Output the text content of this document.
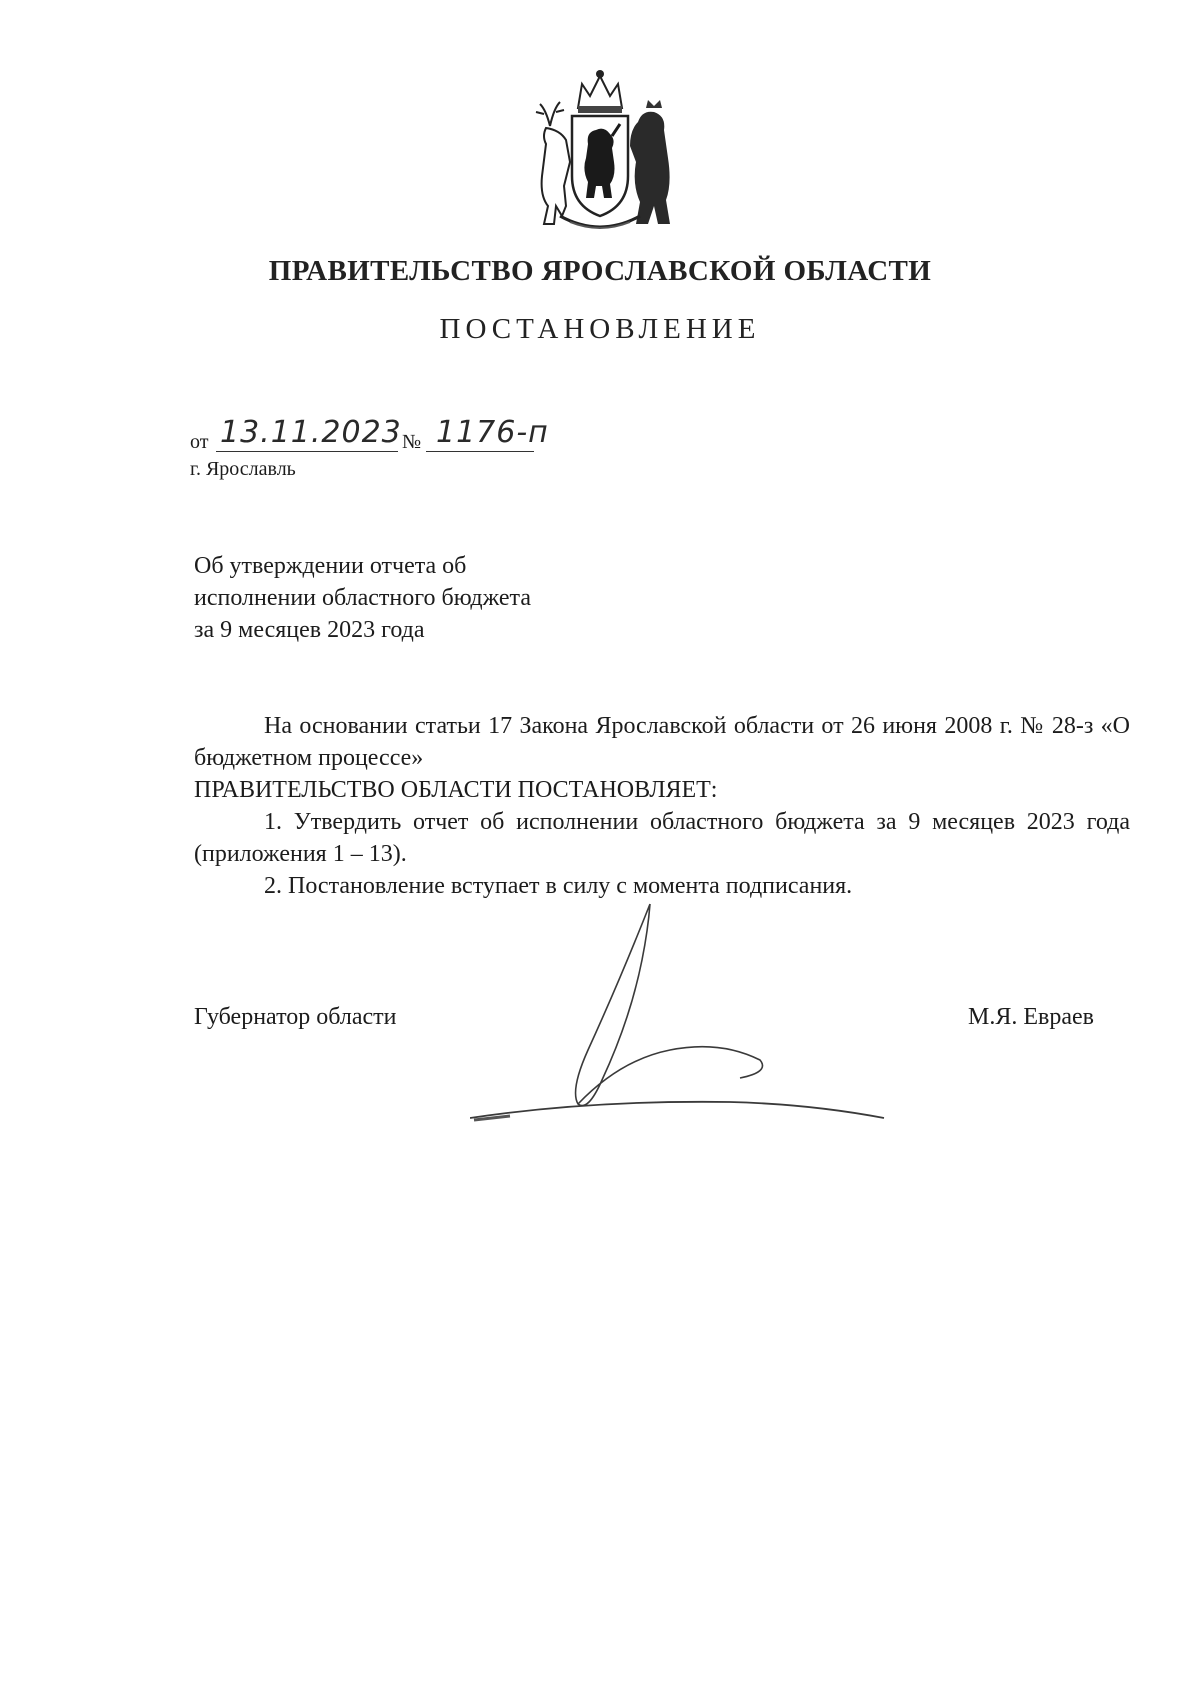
ПРАВИТЕЛЬСТВО ЯРОСЛАВСКОЙ ОБЛАСТИ
ПОСТАНОВЛЕНИЕ
от 13.11.2023 № 1176-п
г. Ярославль
Об утверждении отчета об
исполнении областного бюджета
за 9 месяцев 2023 года
На основании статьи 17 Закона Ярославской области от 26 июня 2008 г. № 28-з «О бюджетном процессе»
ПРАВИТЕЛЬСТВО ОБЛАСТИ ПОСТАНОВЛЯЕТ:
1. Утвердить отчет об исполнении областного бюджета за 9 месяцев 2023 года (приложения 1 – 13).
2. Постановление вступает в силу с момента подписания.
Губернатор области	М.Я. Евраев
